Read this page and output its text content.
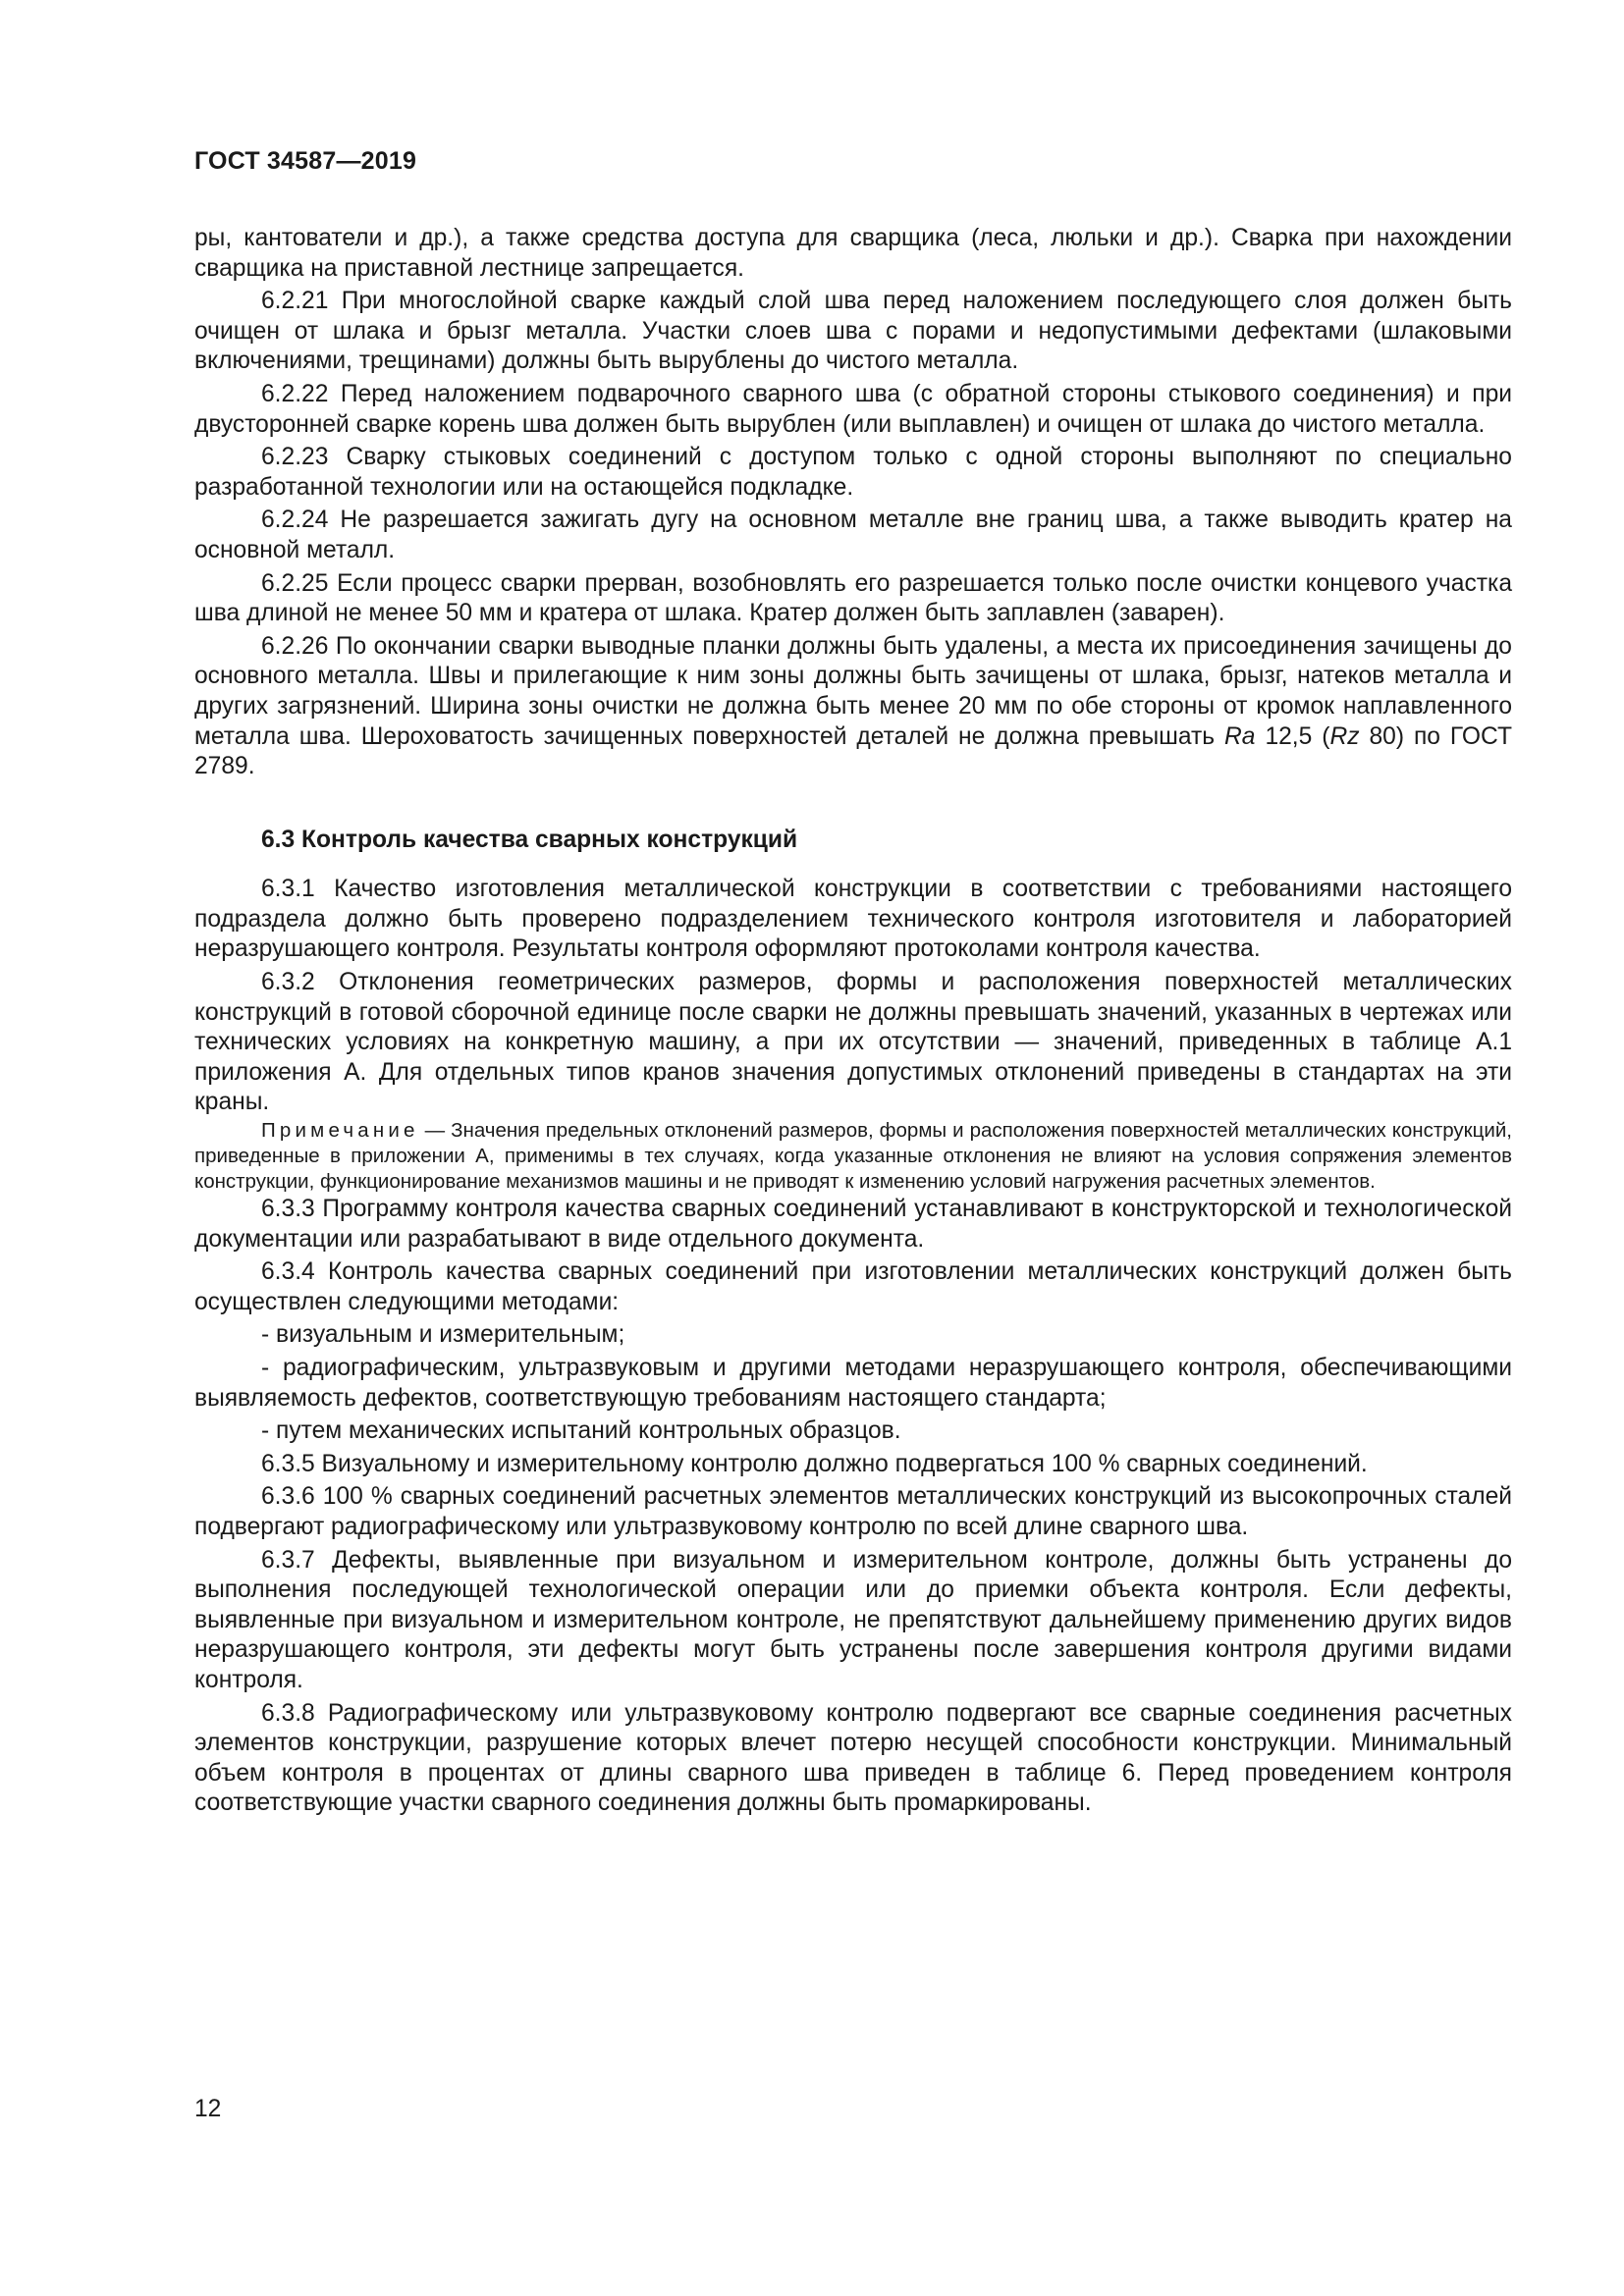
ГОСТ 34587—2019

ры, кантователи и др.), а также средства доступа для сварщика (леса, люльки и др.). Сварка при нахождении сварщика на приставной лестнице запрещается.

6.2.21 При многослойной сварке каждый слой шва перед наложением последующего слоя должен быть очищен от шлака и брызг металла. Участки слоев шва с порами и недопустимыми дефектами (шлаковыми включениями, трещинами) должны быть вырублены до чистого металла.

6.2.22 Перед наложением подварочного сварного шва (с обратной стороны стыкового соединения) и при двусторонней сварке корень шва должен быть вырублен (или выплавлен) и очищен от шлака до чистого металла.

6.2.23 Сварку стыковых соединений с доступом только с одной стороны выполняют по специально разработанной технологии или на остающейся подкладке.

6.2.24 Не разрешается зажигать дугу на основном металле вне границ шва, а также выводить кратер на основной металл.

6.2.25 Если процесс сварки прерван, возобновлять его разрешается только после очистки концевого участка шва длиной не менее 50 мм и кратера от шлака. Кратер должен быть заплавлен (заварен).

6.2.26 По окончании сварки выводные планки должны быть удалены, а места их присоединения зачищены до основного металла. Швы и прилегающие к ним зоны должны быть зачищены от шлака, брызг, натеков металла и других загрязнений. Ширина зоны очистки не должна быть менее 20 мм по обе стороны от кромок наплавленного металла шва. Шероховатость зачищенных поверхностей деталей не должна превышать Ra 12,5 (Rz 80) по ГОСТ 2789.

6.3 Контроль качества сварных конструкций

6.3.1 Качество изготовления металлической конструкции в соответствии с требованиями настоящего подраздела должно быть проверено подразделением технического контроля изготовителя и лабораторией неразрушающего контроля. Результаты контроля оформляют протоколами контроля качества.

6.3.2 Отклонения геометрических размеров, формы и расположения поверхностей металлических конструкций в готовой сборочной единице после сварки не должны превышать значений, указанных в чертежах или технических условиях на конкретную машину, а при их отсутствии — значений, приведенных в таблице А.1 приложения А. Для отдельных типов кранов значения допустимых отклонений приведены в стандартах на эти краны.

Примечание — Значения предельных отклонений размеров, формы и расположения поверхностей металлических конструкций, приведенные в приложении А, применимы в тех случаях, когда указанные отклонения не влияют на условия сопряжения элементов конструкции, функционирование механизмов машины и не приводят к изменению условий нагружения расчетных элементов.

6.3.3 Программу контроля качества сварных соединений устанавливают в конструкторской и технологической документации или разрабатывают в виде отдельного документа.

6.3.4 Контроль качества сварных соединений при изготовлении металлических конструкций должен быть осуществлен следующими методами:

- визуальным и измерительным;

- радиографическим, ультразвуковым и другими методами неразрушающего контроля, обеспечивающими выявляемость дефектов, соответствующую требованиям настоящего стандарта;

- путем механических испытаний контрольных образцов.

6.3.5 Визуальному и измерительному контролю должно подвергаться 100 % сварных соединений.

6.3.6 100 % сварных соединений расчетных элементов металлических конструкций из высокопрочных сталей подвергают радиографическому или ультразвуковому контролю по всей длине сварного шва.

6.3.7 Дефекты, выявленные при визуальном и измерительном контроле, должны быть устранены до выполнения последующей технологической операции или до приемки объекта контроля. Если дефекты, выявленные при визуальном и измерительном контроле, не препятствуют дальнейшему применению других видов неразрушающего контроля, эти дефекты могут быть устранены после завершения контроля другими видами контроля.

6.3.8 Радиографическому или ультразвуковому контролю подвергают все сварные соединения расчетных элементов конструкции, разрушение которых влечет потерю несущей способности конструкции. Минимальный объем контроля в процентах от длины сварного шва приведен в таблице 6. Перед проведением контроля соответствующие участки сварного соединения должны быть промаркированы.

12
